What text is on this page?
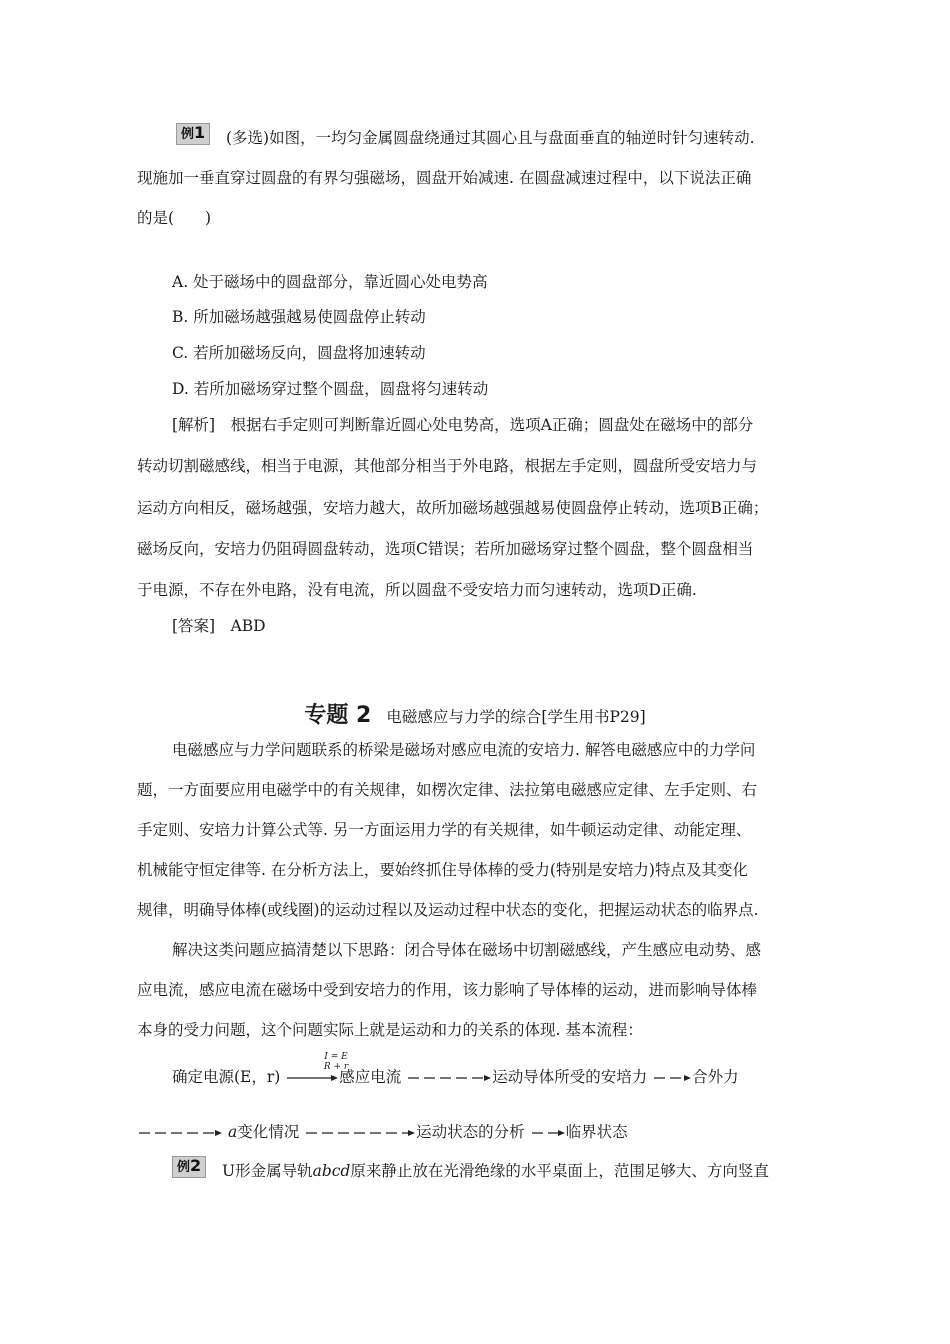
例1	(多选)如图，一均匀金属圆盘绕通过其圆心且与盘面垂直的轴逆时针匀速转动.
现施加一垂直穿过圆盘的有界匀强磁场，圆盘开始减速. 在圆盘减速过程中，以下说法正确
的是(　　)
A. 处于磁场中的圆盘部分，靠近圆心处电势高
B. 所加磁场越强越易使圆盘停止转动
C. 若所加磁场反向，圆盘将加速转动
D. 若所加磁场穿过整个圆盘，圆盘将匀速转动
[解析]　根据右手定则可判断靠近圆心处电势高，选项A正确；圆盘处在磁场中的部分
转动切割磁感线，相当于电源，其他部分相当于外电路，根据左手定则，圆盘所受安培力与
运动方向相反，磁场越强，安培力越大，故所加磁场越强越易使圆盘停止转动，选项B正确；
磁场反向，安培力仍阻碍圆盘转动，选项C错误；若所加磁场穿过整个圆盘，整个圆盘相当
于电源，不存在外电路，没有电流，所以圆盘不受安培力而匀速转动，选项D正确.
[答案]　ABD
专题 2 电磁感应与力学的综合[学生用书P29]
电磁感应与力学问题联系的桥梁是磁场对感应电流的安培力. 解答电磁感应中的力学问
题，一方面要应用电磁学中的有关规律，如楞次定律、法拉第电磁感应定律、左手定则、右
手定则、安培力计算公式等. 另一方面运用力学的有关规律，如牛顿运动定律、动能定理、
机械能守恒定律等. 在分析方法上，要始终抓住导体棒的受力(特别是安培力)特点及其变化
规律，明确导体棒(或线圈)的运动过程以及运动过程中状态的变化，把握运动状态的临界点.
解决这类问题应搞清楚以下思路：闭合导体在磁场中切割磁感线，产生感应电动势、感
应电流，感应电流在磁场中受到安培力的作用，该力影响了导体棒的运动，进而影响导体棒
本身的受力问题，这个问题实际上就是运动和力的关系的体现. 基本流程：
I = E
R + r
确定电源(E，r)	感应电流	运动导体所受的安培力	合外力
a变化情况	运动状态的分析	临界状态
例2	U形金属导轨abcd原来静止放在光滑绝缘的水平桌面上，范围足够大、方向竖直
